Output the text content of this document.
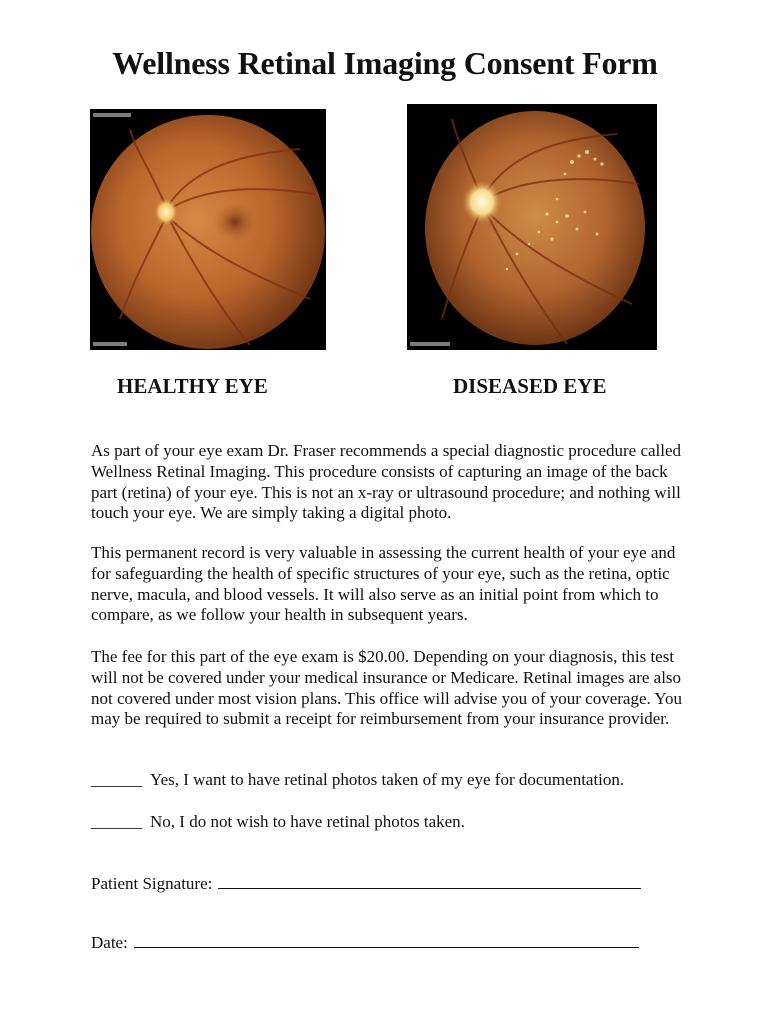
Wellness Retinal Imaging Consent Form
HEALTHY EYE	DISEASED EYE

As part of your eye exam Dr. Fraser recommends a special diagnostic procedure called Wellness Retinal Imaging. This procedure consists of capturing an image of the back part (retina) of your eye. This is not an x-ray or ultrasound procedure; and nothing will touch your eye. We are simply taking a digital photo.

This permanent record is very valuable in assessing the current health of your eye and for safeguarding the health of specific structures of your eye, such as the retina, optic nerve, macula, and blood vessels. It will also serve as an initial point from which to compare, as we follow your health in subsequent years.

The fee for this part of the eye exam is $20.00. Depending on your diagnosis, this test will not be covered under your medical insurance or Medicare. Retinal images are also not covered under most vision plans. This office will advise you of your coverage. You may be required to submit a receipt for reimbursement from your insurance provider.

______ Yes, I want to have retinal photos taken of my eye for documentation.
______ No, I do not wish to have retinal photos taken.
Patient Signature:
Date:
